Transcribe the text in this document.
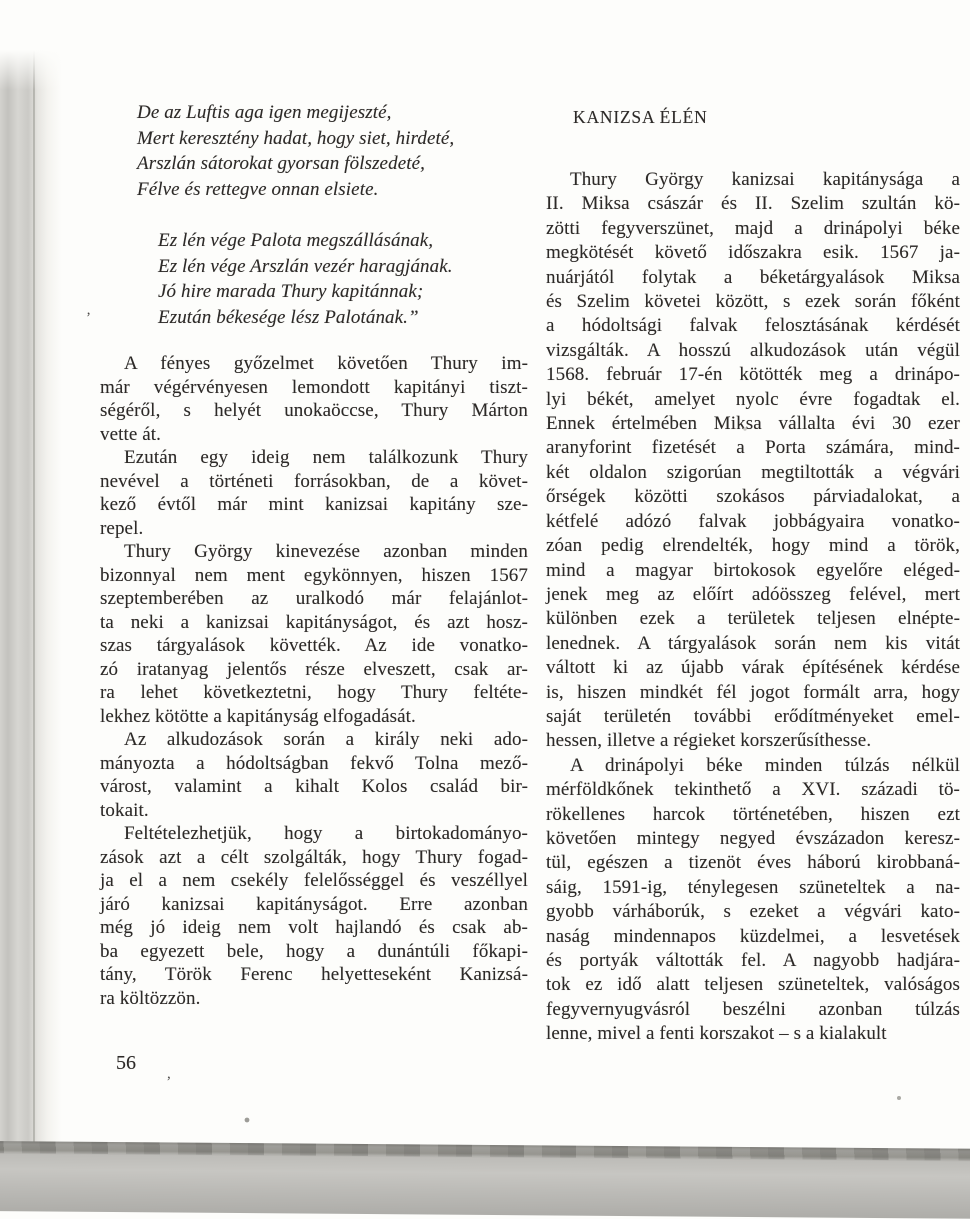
De az Luftis aga igen megijeszté,
Mert keresztény hadat, hogy siet, hirdeté,
Arszlán sátorokat gyorsan fölszedeté,
Félve és rettegve onnan elsiete.
Ez lén vége Palota megszállásának,
Ez lén vége Arszlán vezér haragjának.
Jó hire marada Thury kapitánnak;
Ezután békesége lész Palotának.”
A fényes győzelmet követően Thury im-
már végérvényesen lemondott kapitányi tiszt-
ségéről, s helyét unokaöccse, Thury Márton
vette át.
Ezután egy ideig nem találkozunk Thury
nevével a történeti forrásokban, de a követ-
kező évtől már mint kanizsai kapitány sze-
repel.
Thury György kinevezése azonban minden
bizonnyal nem ment egykönnyen, hiszen 1567
szeptemberében az uralkodó már felajánlot-
ta neki a kanizsai kapitányságot, és azt hosz-
szas tárgyalások követték. Az ide vonatko-
zó iratanyag jelentős része elveszett, csak ar-
ra lehet következtetni, hogy Thury feltéte-
lekhez kötötte a kapitányság elfogadását.
Az alkudozások során a király neki ado-
mányozta a hódoltságban fekvő Tolna mező-
várost, valamint a kihalt Kolos család bir-
tokait.
Feltételezhetjük, hogy a birtokadományo-
zások azt a célt szolgálták, hogy Thury fogad-
ja el a nem csekély felelősséggel és veszéllyel
járó kanizsai kapitányságot. Erre azonban
még jó ideig nem volt hajlandó és csak ab-
ba egyezett bele, hogy a dunántúli főkapi-
tány, Török Ferenc helyetteseként Kanizsá-
ra költözzön.
KANIZSA ÉLÉN
Thury György kanizsai kapitánysága a
II. Miksa császár és II. Szelim szultán kö-
zötti fegyverszünet, majd a drinápolyi béke
megkötését követő időszakra esik. 1567 ja-
nuárjától folytak a béketárgyalások Miksa
és Szelim követei között, s ezek során főként
a hódoltsági falvak felosztásának kérdését
vizsgálták. A hosszú alkudozások után végül
1568. február 17-én kötötték meg a drinápo-
lyi békét, amelyet nyolc évre fogadtak el.
Ennek értelmében Miksa vállalta évi 30 ezer
aranyforint fizetését a Porta számára, mind-
két oldalon szigorúan megtiltották a végvári
őrségek közötti szokásos párviadalokat, a
kétfelé adózó falvak jobbágyaira vonatko-
zóan pedig elrendelték, hogy mind a török,
mind a magyar birtokosok egyelőre eléged-
jenek meg az előírt adóösszeg felével, mert
különben ezek a területek teljesen elnépte-
lenednek. A tárgyalások során nem kis vitát
váltott ki az újabb várak építésének kérdése
is, hiszen mindkét fél jogot formált arra, hogy
saját területén további erődítményeket emel-
hessen, illetve a régieket korszerűsíthesse.
A drinápolyi béke minden túlzás nélkül
mérföldkőnek tekinthető a XVI. századi tö-
rökellenes harcok történetében, hiszen ezt
követően mintegy negyed évszázadon keresz-
tül, egészen a tizenöt éves háború kirobbaná-
sáig, 1591-ig, ténylegesen szüneteltek a na-
gyobb várháborúk, s ezeket a végvári kato-
naság mindennapos küzdelmei, a lesvetések
és portyák váltották fel. A nagyobb hadjára-
tok ez idő alatt teljesen szüneteltek, valóságos
fegyvernyugvásról beszélni azonban túlzás
lenne, mivel a fenti korszakot – s a kialakult
56 ,
‚
